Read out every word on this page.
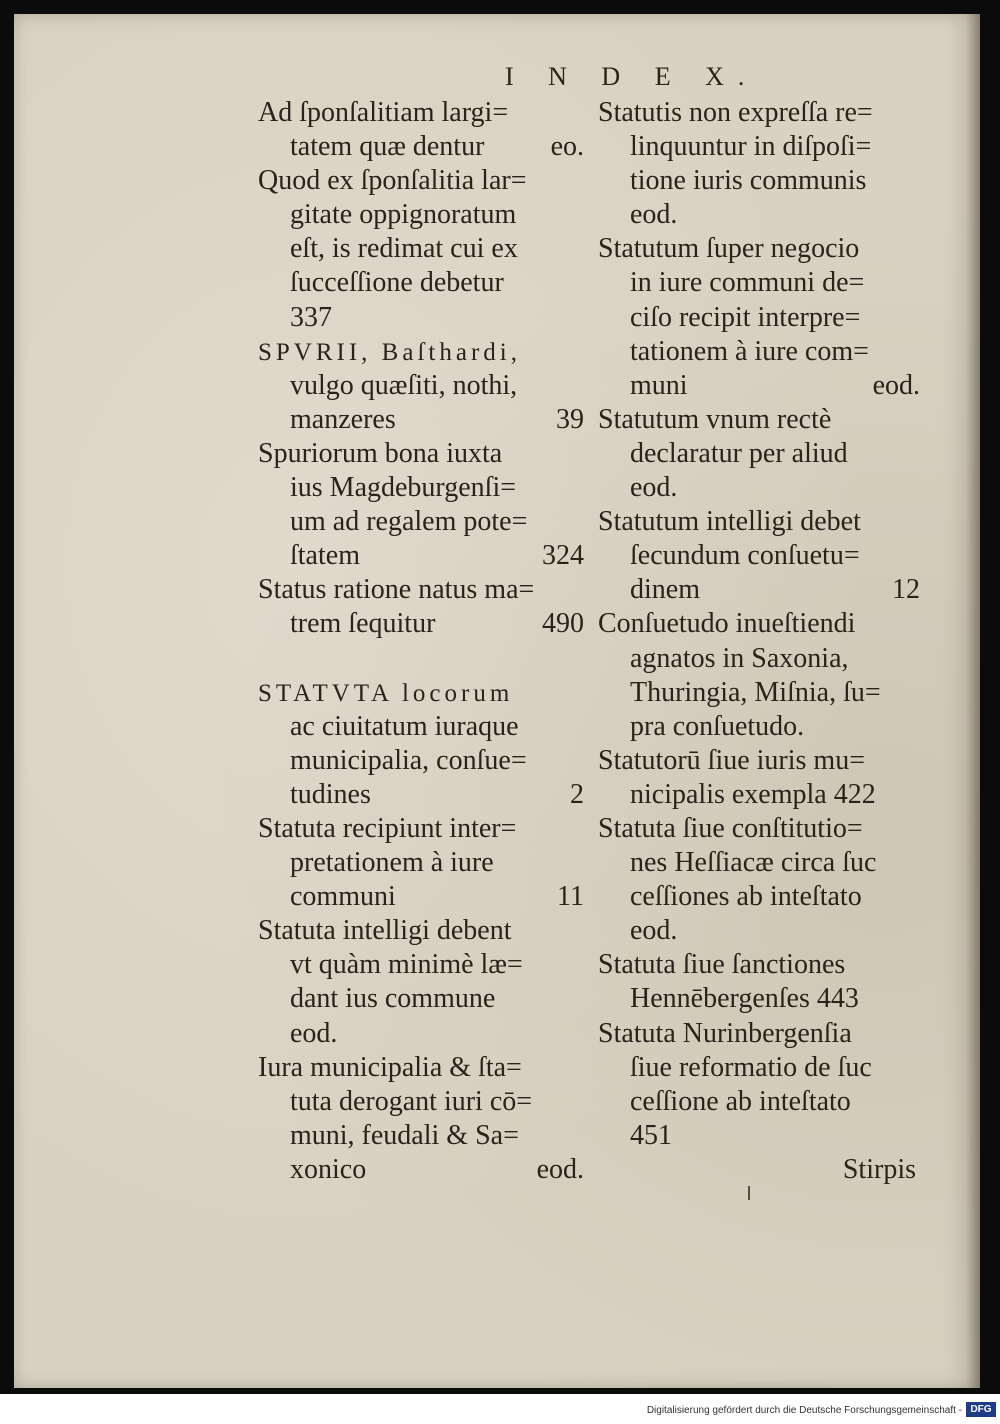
I N D E X.
Ad ſponſalitiam largi=
tatem quæ dentur eo.
Quod ex ſponſalitia lar=
gitate oppignoratum
eſt, is redimat cui ex
ſucceſſione debetur
337
SPVRII, Baſthardi,
vulgo quæſiti, nothi,
manzeres	39
Spuriorum bona iuxta
ius Magdeburgenſi=
um ad regalem pote=
ſtatem	324
Status ratione natus ma=
trem ſequitur	490
STATVTA locorum
ac ciuitatum iuraque
municipalia, conſue=
tudines	2
Statuta recipiunt inter=
pretationem à iure
communi	11
Statuta intelligi debent
vt quàm minimè læ=
dant ius commune
eod.
Iura municipalia & ſta=
tuta derogant iuri cō=
muni, feudali & Sa=
xonico	eod.
Statutis non expreſſa re=
linquuntur in diſpoſi=
tione iuris communis
eod.
Statutum ſuper negocio
in iure communi de=
ciſo recipit interpre=
tationem à iure com=
muni	eod.
Statutum vnum rectè
declaratur per aliud
eod.
Statutum intelligi debet
ſecundum conſuetu=
dinem	12
Conſuetudo inueſtiendi
agnatos in Saxonia,
Thuringia, Miſnia, ſu=
pra conſuetudo.
Statutorū ſiue iuris mu=
nicipalis exempla 422
Statuta ſiue conſtitutio=
nes Heſſiacæ circa ſuc
ceſſiones ab inteſtato
eod.
Statuta ſiue ſanctiones
Hennēbergenſes 443
Statuta Nurinbergenſia
ſiue reformatio de ſuc
ceſſione ab inteſtato
451
Stirpis
Digitalisierung gefördert durch die Deutsche Forschungsgemeinschaft - DFG
